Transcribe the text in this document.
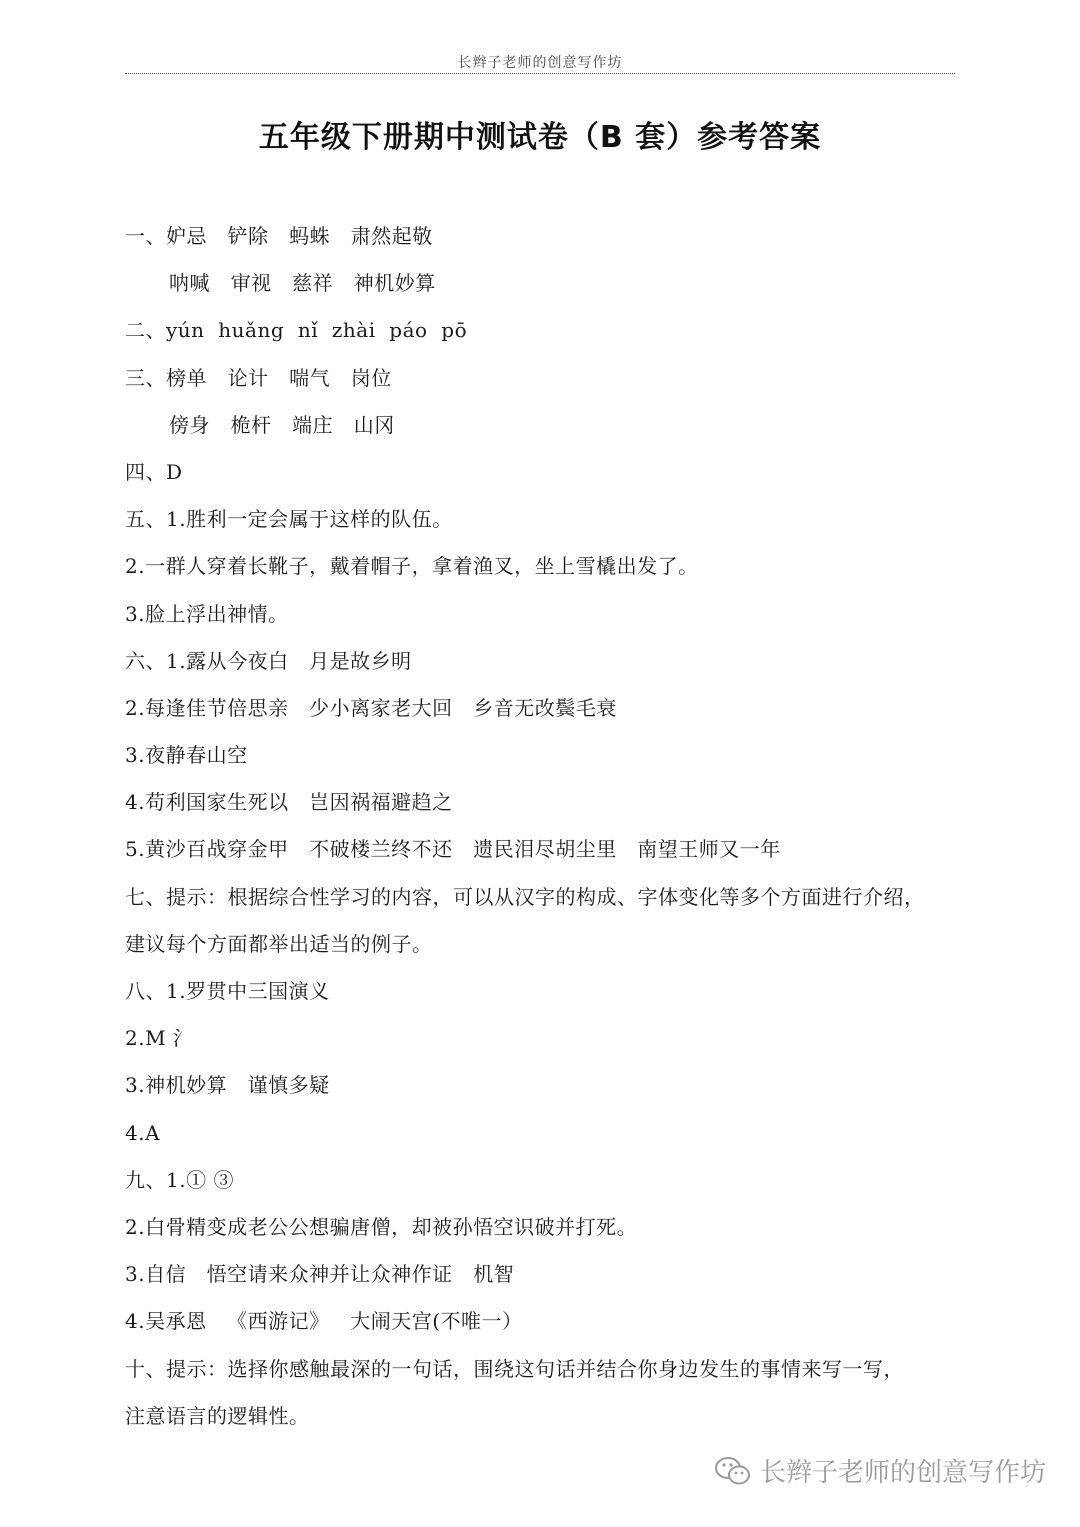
长辫子老师的创意写作坊
五年级下册期中测试卷（B 套）参考答案
一、妒忌   铲除   蚂蛛   肃然起敬
呐喊   审视   慈祥   神机妙算
二、yún  huǎng  nǐ  zhài  páo  pō
三、榜单   论计   喘气   岗位
傍身   桅杆   端庄   山冈
四、D
五、1.胜利一定会属于这样的队伍。
2.一群人穿着长靴子，戴着帽子，拿着渔叉，坐上雪橇出发了。
3.脸上浮出神情。
六、1.露从今夜白   月是故乡明
2.每逢佳节倍思亲   少小离家老大回   乡音无改鬓毛衰
3.夜静春山空
4.苟利国家生死以   岂因祸福避趋之
5.黄沙百战穿金甲   不破楼兰终不还   遗民泪尽胡尘里   南望王师又一年
七、提示：根据综合性学习的内容，可以从汉字的构成、字体变化等多个方面进行介绍，
建议每个方面都举出适当的例子。
八、1.罗贯中三国演义
2.M 氵
3.神机妙算   谨慎多疑
4.A
九、1.① ③
2.白骨精变成老公公想骗唐僧，却被孙悟空识破并打死。
3.自信   悟空请来众神并让众神作证   机智
4.吴承恩   《西游记》   大闹天宫(不唯一）
十、提示：选择你感触最深的一句话，围绕这句话并结合你身边发生的事情来写一写，
注意语言的逻辑性。
长辫子老师的创意写作坊
